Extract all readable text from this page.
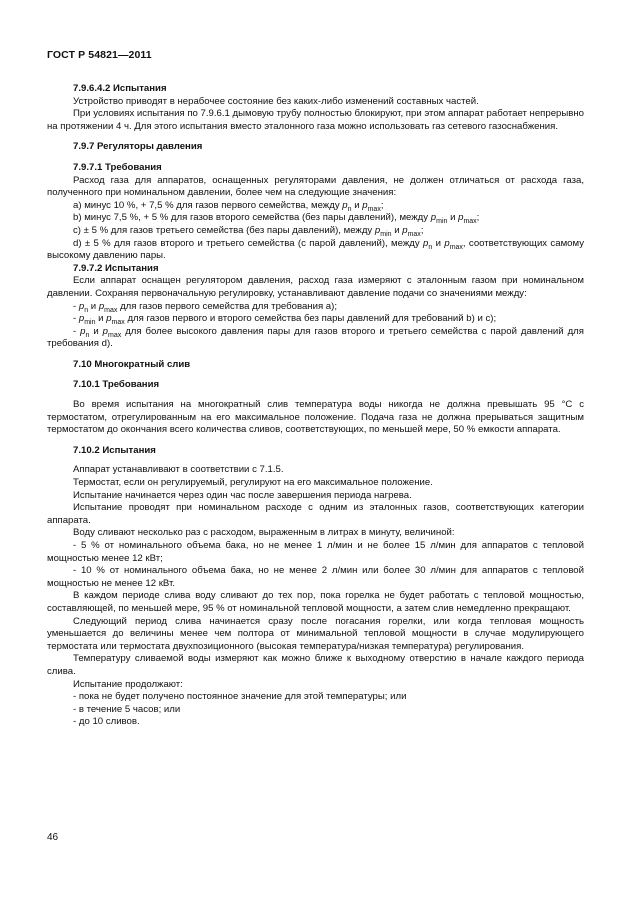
ГОСТ Р 54821—2011
7.9.6.4.2 Испытания
Устройство приводят в нерабочее состояние без каких-либо изменений составных частей.
При условиях испытания по 7.9.6.1 дымовую трубу полностью блокируют, при этом аппарат работает непрерывно на протяжении 4 ч. Для этого испытания вместо эталонного газа можно использовать газ сетевого газоснабжения.
7.9.7 Регуляторы давления
7.9.7.1 Требования
Расход газа для аппаратов, оснащенных регуляторами давления, не должен отличаться от расхода газа, полученного при номинальном давлении, более чем на следующие значения:
a) минус 10 %, + 7,5 % для газов первого семейства, между $p_n$ и $p_{max}$;
b) минус 7,5 %, + 5 % для газов второго семейства (без пары давлений), между $p_{min}$ и $p_{max}$;
c) ± 5 % для газов третьего семейства (без пары давлений), между $p_{min}$ и $p_{max}$;
d) ± 5 % для газов второго и третьего семейства (с парой давлений), между $p_n$ и $p_{max}$, соответствующих самому высокому давлению пары.
7.9.7.2 Испытания
Если аппарат оснащен регулятором давления, расход газа измеряют с эталонным газом при номинальном давлении. Сохраняя первоначальную регулировку, устанавливают давление подачи со значениями между:
- $p_n$ и $p_{max}$ для газов первого семейства для требования а);
- $p_{min}$ и $p_{max}$ для газов первого и второго семейства без пары давлений для требований b) и с);
- $p_n$ и $p_{max}$ для более высокого давления пары для газов второго и третьего семейства с парой давлений для требования d).
7.10 Многократный слив
7.10.1 Требования
Во время испытания на многократный слив температура воды никогда не должна превышать 95 °С с термостатом, отрегулированным на его максимальное положение. Подача газа не должна прерываться защитным термостатом до окончания всего количества сливов, соответствующих, по меньшей мере, 50 % емкости аппарата.
7.10.2 Испытания
Аппарат устанавливают в соответствии с 7.1.5.
Термостат, если он регулируемый, регулируют на его максимальное положение.
Испытание начинается через один час после завершения периода нагрева.
Испытание проводят при номинальном расходе с одним из эталонных газов, соответствующих категории аппарата.
Воду сливают несколько раз с расходом, выраженным в литрах в минуту, величиной:
- 5 % от номинального объема бака, но не менее 1 л/мин и не более 15 л/мин для аппаратов с тепловой мощностью менее 12 кВт;
- 10 % от номинального объема бака, но не менее 2 л/мин или более 30 л/мин для аппаратов с тепловой мощностью не менее 12 кВт.
В каждом периоде слива воду сливают до тех пор, пока горелка не будет работать с тепловой мощностью, составляющей, по меньшей мере, 95 % от номинальной тепловой мощности, а затем слив немедленно прекращают.
Следующий период слива начинается сразу после погасания горелки, или когда тепловая мощность уменьшается до величины менее чем полтора от минимальной тепловой мощности в случае модулирующего термостата или термостата двухпозиционного (высокая температура/низкая температура) регулирования.
Температуру сливаемой воды измеряют как можно ближе к выходному отверстию в начале каждого периода слива.
Испытание продолжают:
- пока не будет получено постоянное значение для этой температуры; или
- в течение 5 часов; или
- до 10 сливов.
46
